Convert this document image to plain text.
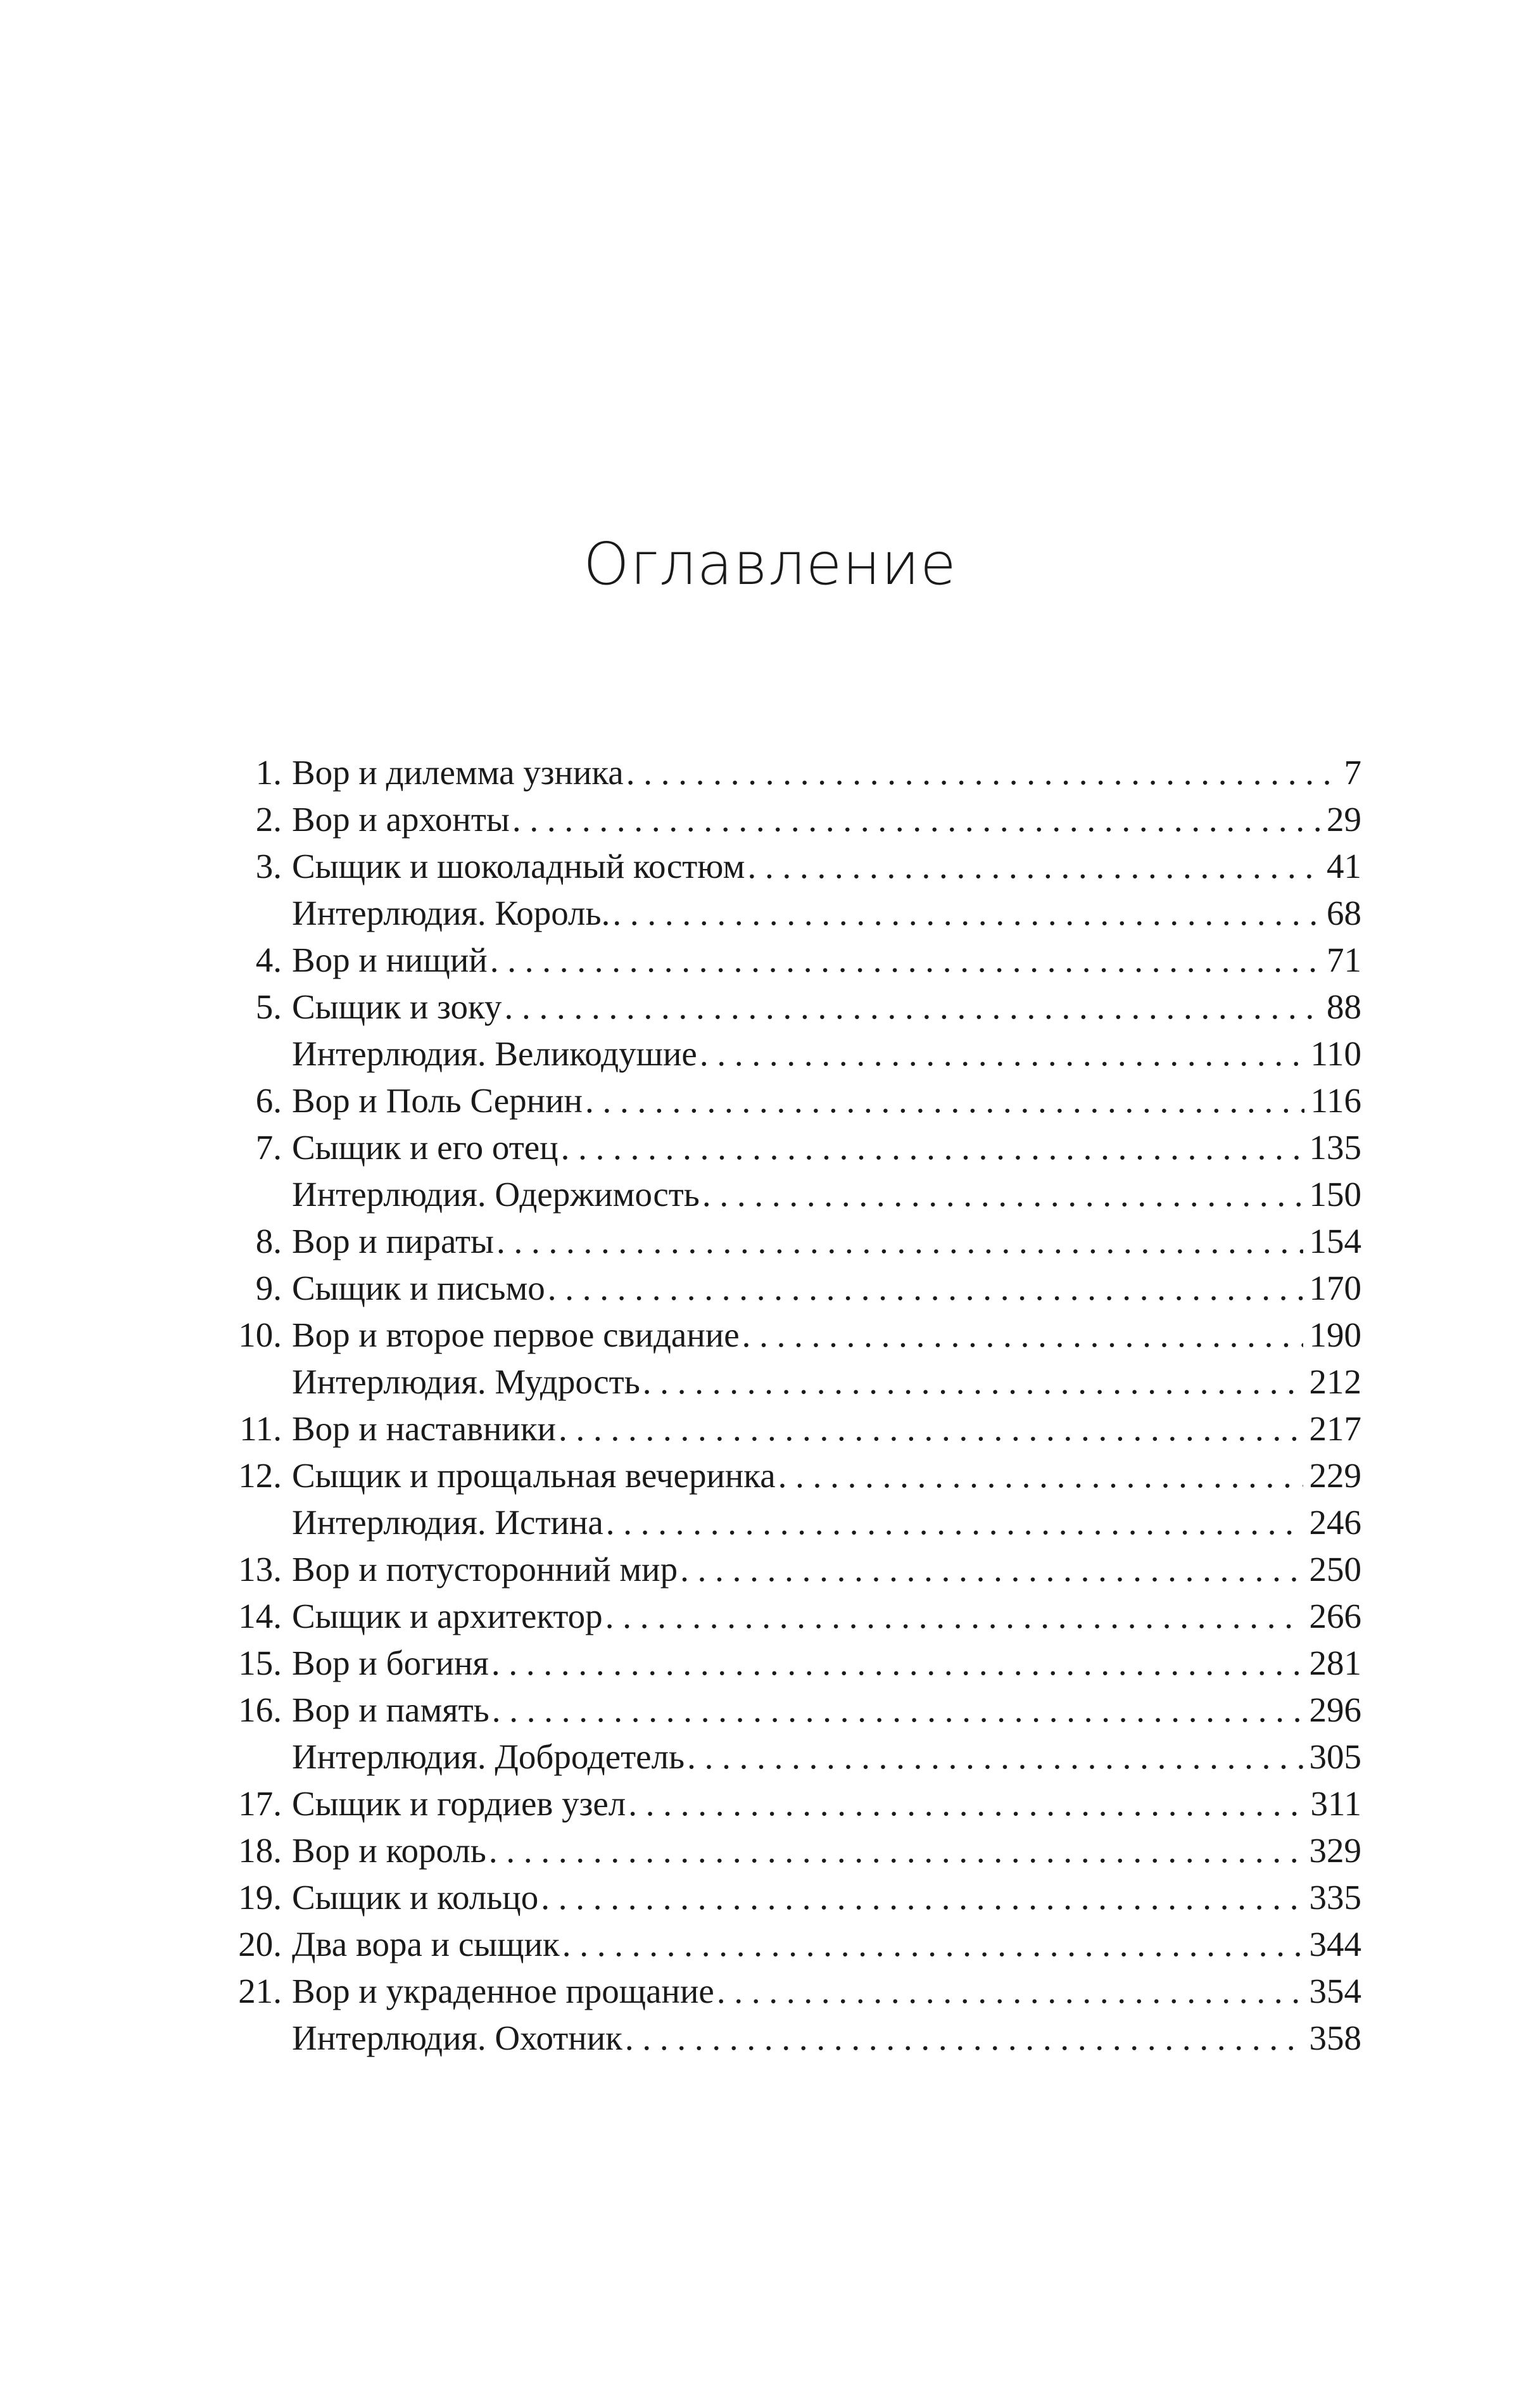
Оглавление
1. Вор и дилемма узника . . .	7
2. Вор и архонты . . .	29
3. Сыщик и шоколадный костюм . . .	41
Интерлюдия. Король. . . .	68
4. Вор и нищий . . .	71
5. Сыщик и зоку . . .	88
Интерлюдия. Великодушие . . .	110
6. Вор и Поль Сернин . . .	116
7. Сыщик и его отец . . .	135
Интерлюдия. Одержимость . . .	150
8. Вор и пираты . . .	154
9. Сыщик и письмо . . .	170
10. Вор и второе первое свидание . . .	190
Интерлюдия. Мудрость . . .	212
11. Вор и наставники . . .	217
12. Сыщик и прощальная вечеринка . . .	229
Интерлюдия. Истина . . .	246
13. Вор и потусторонний мир . . .	250
14. Сыщик и архитектор . . .	266
15. Вор и богиня . . .	281
16. Вор и память . . .	296
Интерлюдия. Добродетель . . .	305
17. Сыщик и гордиев узел . . .	311
18. Вор и король . . .	329
19. Сыщик и кольцо . . .	335
20. Два вора и сыщик . . .	344
21. Вор и украденное прощание . . .	354
Интерлюдия. Охотник . . .	358
